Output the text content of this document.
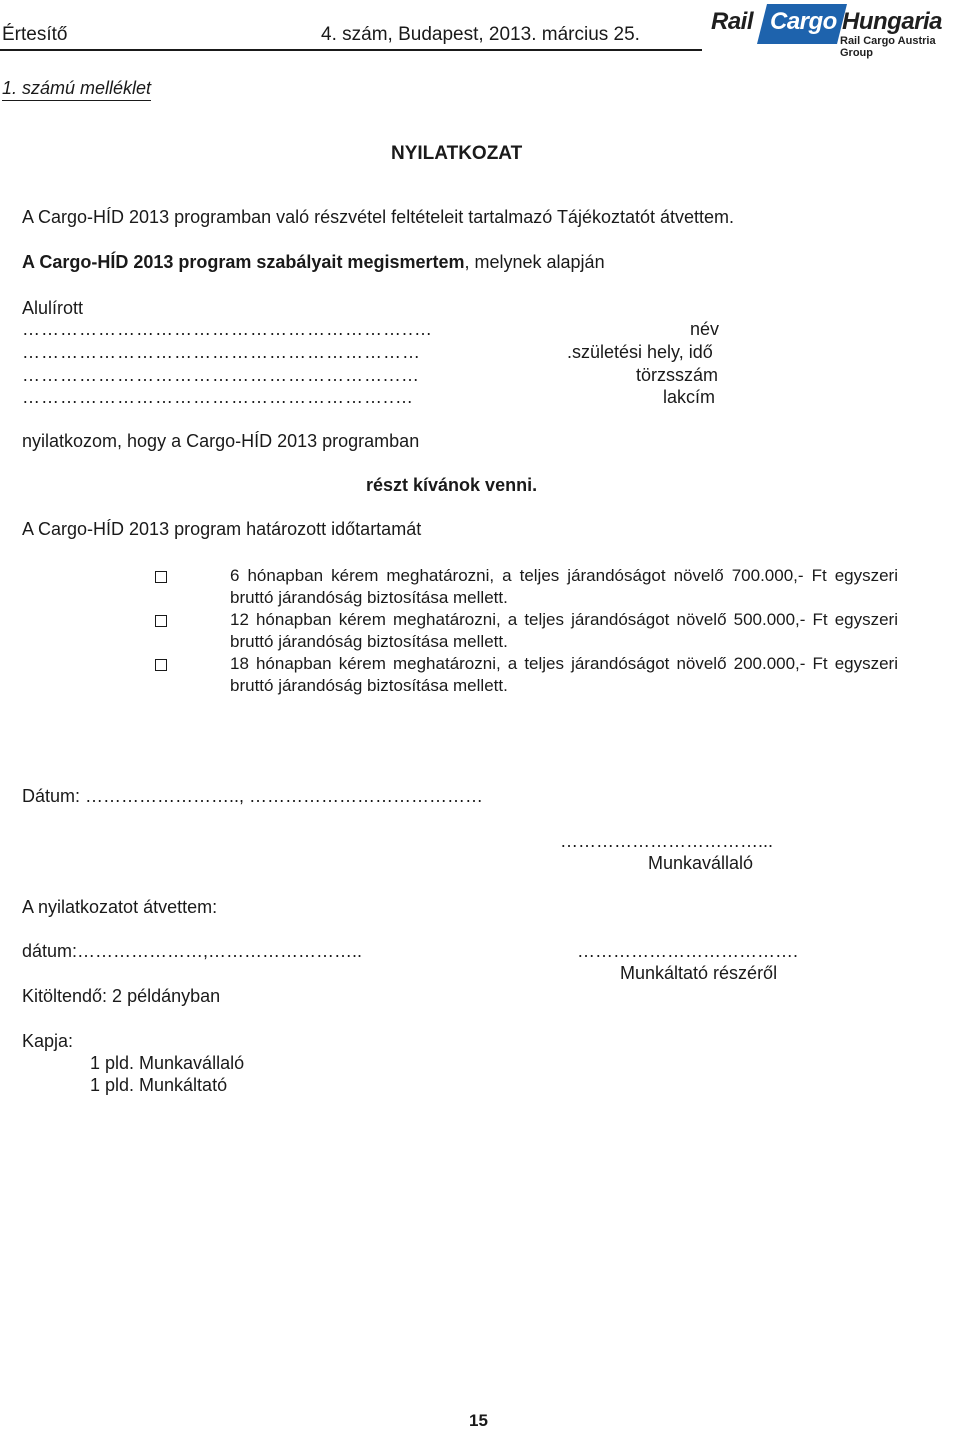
Értesítő	4. szám, Budapest, 2013. március 25.	Rail Cargo Hungaria
Rail Cargo Austria Group
1. számú melléklet
NYILATKOZAT
A Cargo-HÍD 2013 programban való részvétel feltételeit tartalmazó Tájékoztatót átvettem.
A Cargo-HÍD 2013 program szabályait megismertem, melynek alapján
Alulírott
……………………………………………………..…	név
………………………………………………………	.születési hely, idő
…………………………………………………...…	törzsszám
…………………………………………………..…	lakcím
nyilatkozom, hogy a Cargo-HÍD 2013 programban
részt kívánok venni.
A Cargo-HÍD 2013 program határozott időtartamát
6 hónapban kérem meghatározni, a teljes járandóságot növelő 700.000,- Ft egyszeri bruttó járandóság biztosítása mellett.
12 hónapban kérem meghatározni, a teljes járandóságot növelő 500.000,- Ft egyszeri bruttó járandóság biztosítása mellett.
18 hónapban kérem meghatározni, a teljes járandóságot növelő 200.000,- Ft egyszeri bruttó járandóság biztosítása mellett.
Dátum: …………………….., …………………………………
……………………………...
Munkavállaló
A nyilatkozatot átvettem:
dátum:…………………,……………………..	……………………………….
Munkáltató részéről
Kitöltendő: 2 példányban
Kapja:
1 pld. Munkavállaló
1 pld. Munkáltató
15
